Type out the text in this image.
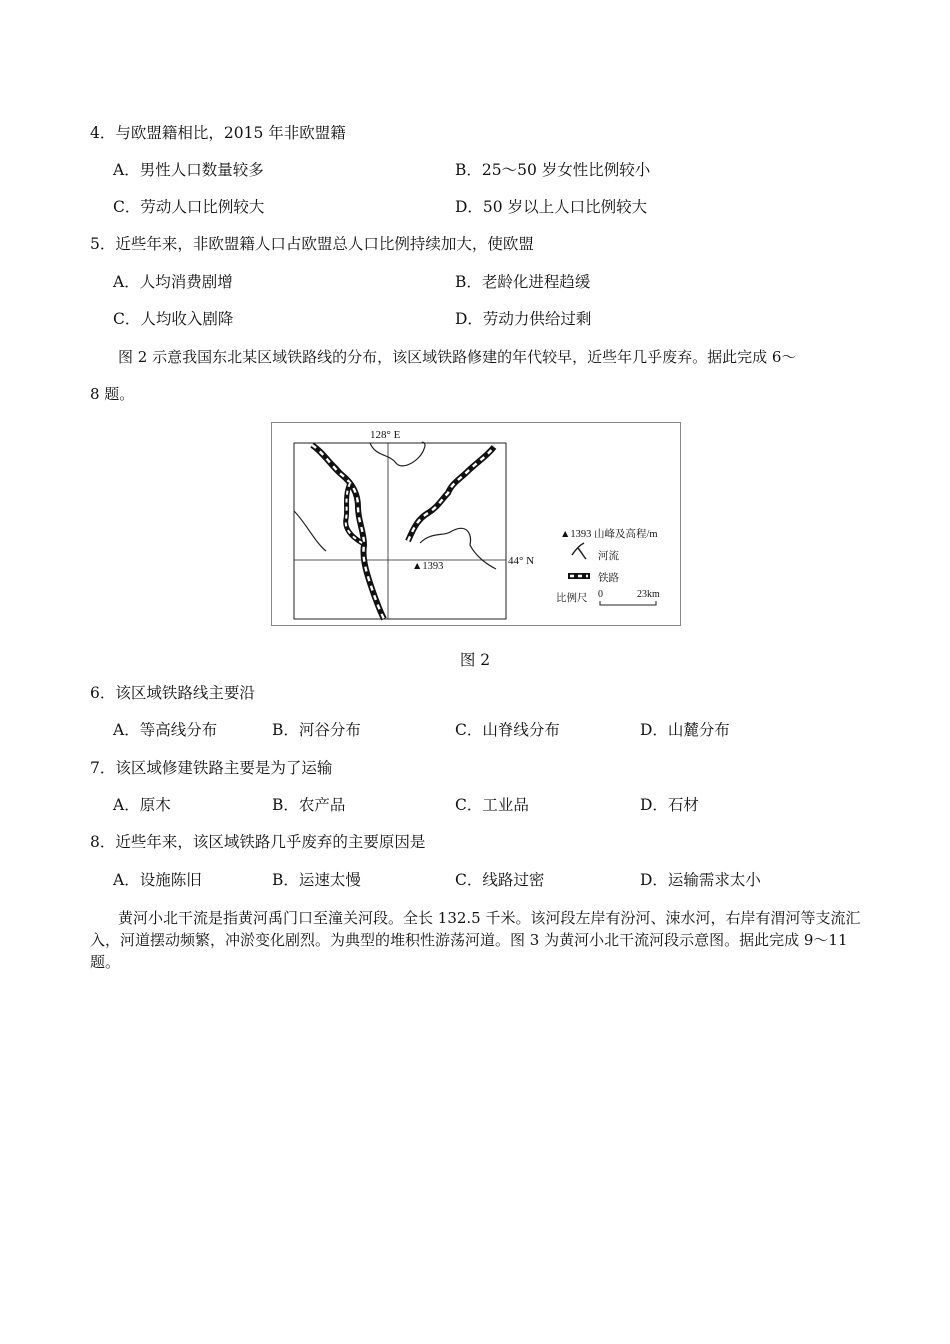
4．与欧盟籍相比，2015 年非欧盟籍
A．男性人口数量较多	B．25～50 岁女性比例较小
C．劳动人口比例较大	D．50 岁以上人口比例较大
5．近些年来，非欧盟籍人口占欧盟总人口比例持续加大，使欧盟
A．人均消费剧增	B．老龄化进程趋缓
C．人均收入剧降	D．劳动力供给过剩
图 2 示意我国东北某区域铁路线的分布，该区域铁路修建的年代较早，近些年几乎废弃。据此完成 6～
8 题。
128° E
44° N
▲1393
▲1393 山峰及高程/m
河流
铁路
比例尺 0	23km
图 2
6．该区域铁路线主要沿
A．等高线分布	B．河谷分布	C．山脊线分布	D．山麓分布
7．该区域修建铁路主要是为了运输
A．原木	B．农产品	C．工业品	D．石材
8．近些年来，该区域铁路几乎废弃的主要原因是
A．设施陈旧	B．运速太慢	C．线路过密	D．运输需求太小
黄河小北干流是指黄河禹门口至潼关河段。全长 132.5 千米。该河段左岸有汾河、涑水河，右岸有渭河等支流汇入，河道摆动频繁，冲淤变化剧烈。为典型的堆积性游荡河道。图 3 为黄河小北干流河段示意图。据此完成 9～11 题。
